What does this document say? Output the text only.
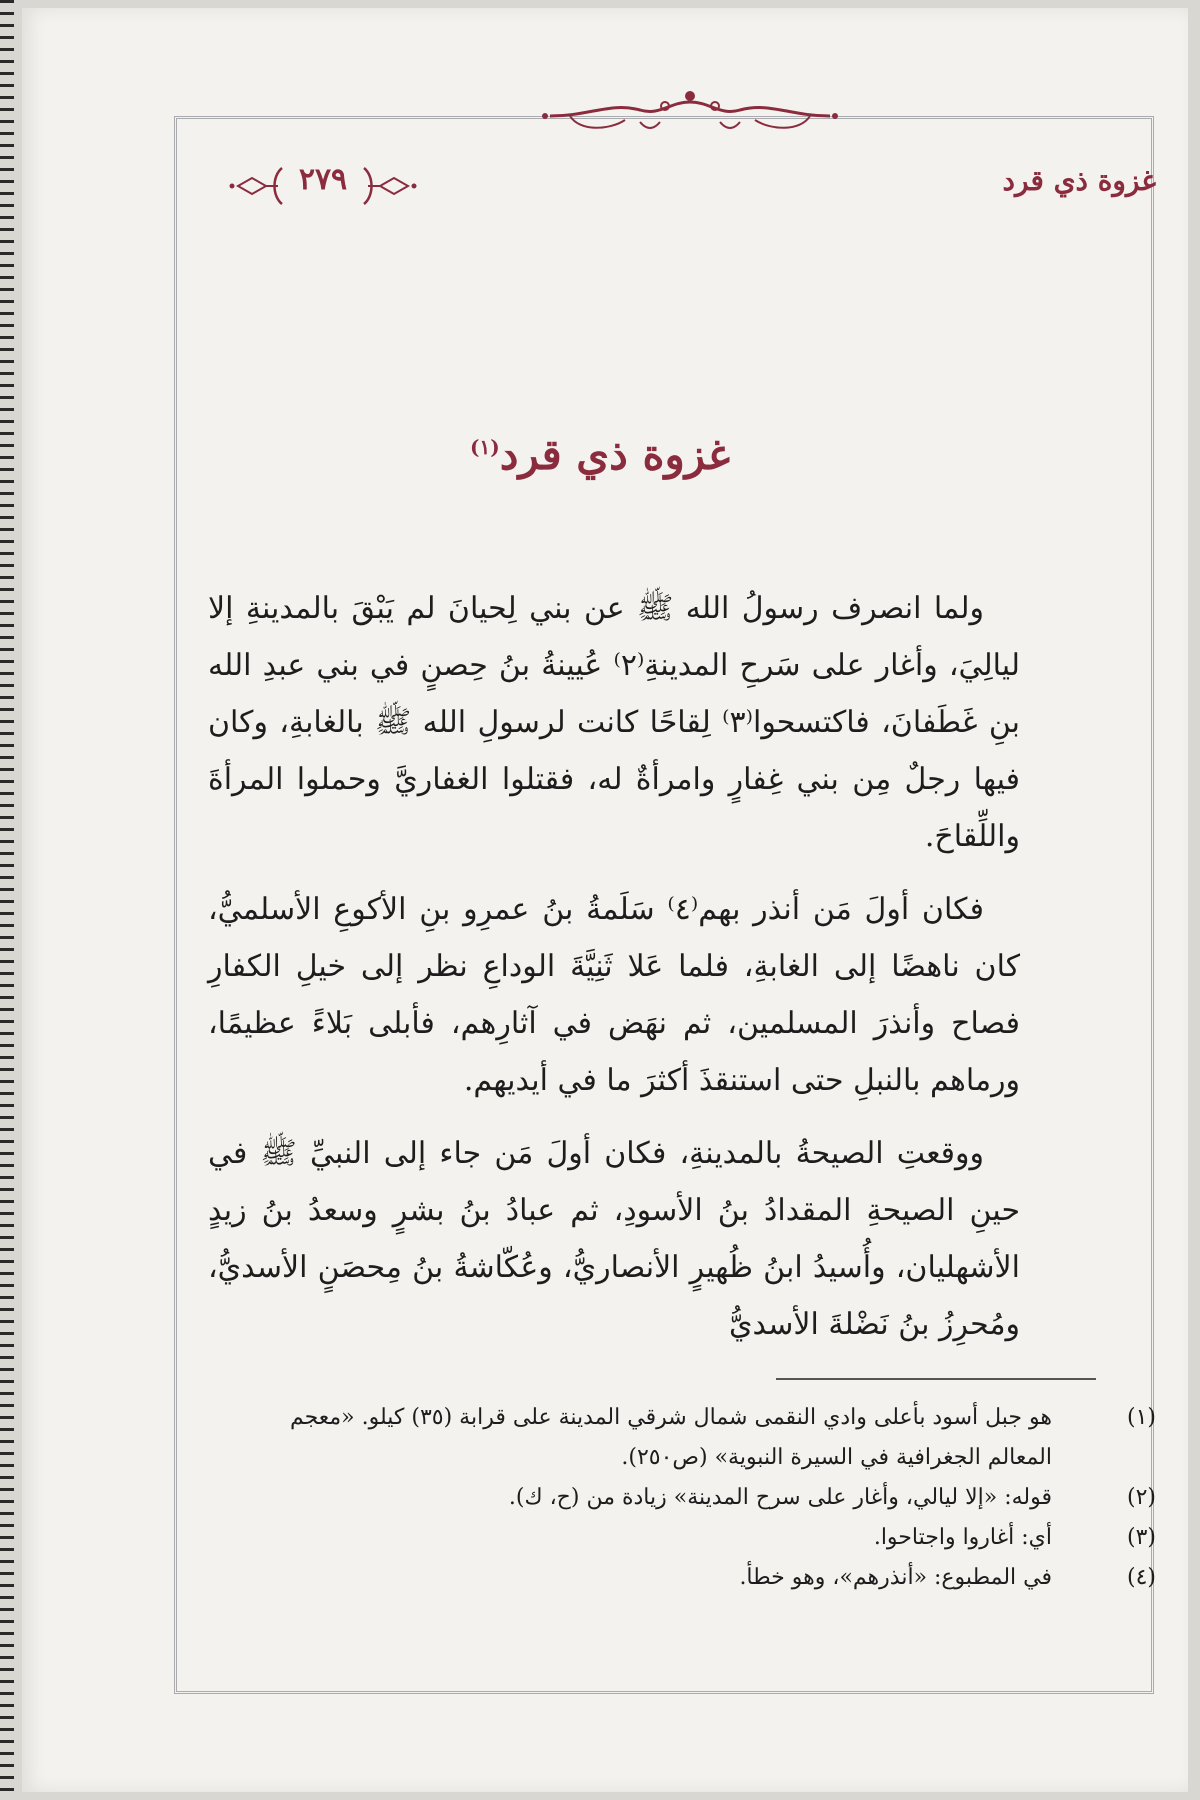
٢٧٩	غزوة ذي قرد
غزوة ذي قرد$^{(١)}$

ولما انصرف رسولُ الله ﷺ عن بني لِحيانَ لم يَبْقَ بالمدينةِ إلا ليالِيَ، وأغار على سَرحِ المدينةِ⁽٢⁾ عُيينةُ بنُ حِصنٍ في بني عبدِ الله بنِ غَطَفانَ، فاكتسحوا⁽٣⁾ لِقاحًا كانت لرسولِ الله ﷺ بالغابةِ، وكان فيها رجلٌ مِن بني غِفارٍ وامرأةٌ له، فقتلوا الغفاريَّ وحملوا المرأةَ واللِّقاحَ.

فكان أولَ مَن أنذر بهم⁽٤⁾ سَلَمةُ بنُ عمرِو بنِ الأكوعِ الأسلميُّ، كان ناهضًا إلى الغابةِ، فلما عَلا ثَنِيَّةَ الوداعِ نظر إلى خيلِ الكفارِ فصاح وأنذرَ المسلمين، ثم نهَض في آثارِهم، فأبلى بَلاءً عظيمًا، ورماهم بالنبلِ حتى استنقذَ أكثرَ ما في أيديهم.

ووقعتِ الصيحةُ بالمدينةِ، فكان أولَ مَن جاء إلى النبيِّ ﷺ في حينِ الصيحةِ المقدادُ بنُ الأسودِ، ثم عبادُ بنُ بشرٍ وسعدُ بنُ زيدٍ الأشهليان، وأُسيدُ ابنُ ظُهيرٍ الأنصاريُّ، وعُكّاشةُ بنُ مِحصَنٍ الأسديُّ، ومُحرِزُ بنُ نَضْلةَ الأسديُّ

(١)هو جبل أسود بأعلى وادي النقمى شمال شرقي المدينة على قرابة (٣٥) كيلو. «معجم المعالم الجغرافية في السيرة النبوية» (ص٢٥٠).

(٢)قوله: «إلا ليالي، وأغار على سرح المدينة» زيادة من (ح، ك).

(٣)أي: أغاروا واجتاحوا.

(٤)في المطبوع: «أنذرهم»، وهو خطأ.
